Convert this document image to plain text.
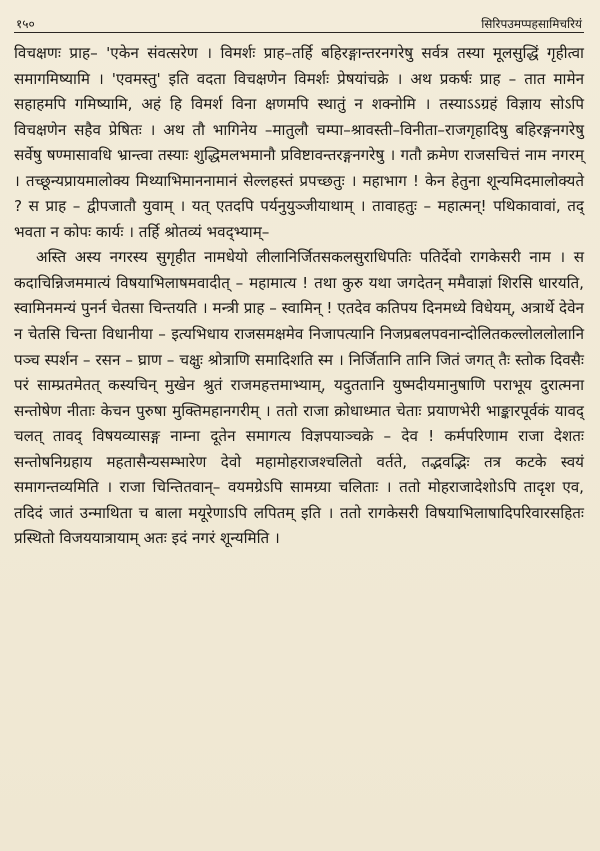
१५०	सिरिपउमप्पहसामिचरियं

विचक्षणः प्राह– 'एकेन संवत्सरेण । विमर्शः प्राह–तर्हि बहिरङ्गान्तरनगरेषु सर्वत्र तस्या मूलसुद्धिं गृहीत्वा समागमिष्यामि । 'एवमस्तु' इति वदता विचक्षणेन विमर्शः प्रेषयांचक्रे । अथ प्रकर्षः प्राह – तात मामेन सहाहमपि गमिष्यामि, अहं हि विमर्श विना क्षणमपि स्थातुं न शक्नोमि । तस्याऽऽग्रहं विज्ञाय सोऽपि विचक्षणेन सहैव प्रेषितः । अथ तौ भागिनेय –मातुलौ चम्पा–श्रावस्ती–विनीता–राजगृहादिषु बहिरङ्गनगरेषु सर्वेषु षण्मासावधि भ्रान्त्वा तस्याः शुद्धिमलभमानौ प्रविष्टावन्तरङ्गनगरेषु । गतौ क्रमेण राजसचित्तं नाम नगरम् । तच्छून्यप्रायमालोक्य मिथ्याभिमाननामानं सेल्लहस्तं प्रपच्छतुः । महाभाग ! केन हेतुना शून्यमिदमालोक्यते ? स प्राह – द्वीपजातौ युवाम् । यत् एतदपि पर्यनुयुञ्जीयाथाम् । तावाहतुः – महात्मन्! पथिकावावां, तद् भवता न कोपः कार्यः । तर्हि श्रोतव्यं भवद्भ्याम्–

अस्ति अस्य नगरस्य सुगृहीत नामधेयो लीलानिर्जितसकलसुराधिपतिः पतिर्देवो रागकेसरी नाम । स कदाचिन्निजममात्यं विषयाभिलाषमवादीत् – महामात्य ! तथा कुरु यथा जगदेतन् ममैवाज्ञां शिरसि धारयति, स्वामिनमन्यं पुनर्न चेतसा चिन्तयति । मन्त्री प्राह – स्वामिन् ! एतदेव कतिपय दिनमध्ये विधेयम्, अत्रार्थे देवेन न चेतसि चिन्ता विधानीया – इत्यभिधाय राजसमक्षमेव निजापत्यानि निजप्रबलपवनान्दोलितकल्लोललोलानि पञ्च स्पर्शन – रसन – घ्राण – चक्षुः श्रोत्राणि समादिशति स्म । निर्जितानि तानि जितं जगत् तैः स्तोक दिवसैः परं साम्प्रतमेतत् कस्यचिन् मुखेन श्रुतं राजमहत्तमाभ्याम्, यदुततानि युष्मदीयमानुषाणि पराभूय दुरात्मना सन्तोषेण नीताः केचन पुरुषा मुक्तिमहानगरीम् । ततो राजा क्रोधाध्मात चेताः प्रयाणभेरी भाङ्कारपूर्वकं यावद् चलत् तावद् विषयव्यासङ्ग नाम्ना दूतेन समागत्य विज्ञपयाञ्चक्रे – देव ! कर्मपरिणाम राजा देशतः सन्तोषनिग्रहाय महतासैन्यसम्भारेण देवो महामोहराजश्चलितो वर्तते, तद्भवद्भिः तत्र कटके स्वयं समागन्तव्यमिति । राजा चिन्तितवान्– वयमग्रेऽपि सामग्र्या चलिताः । ततो मोहराजादेशोऽपि तादृश एव, तदिदं जातं उन्माथिता च बाला मयूरेणाऽपि लपितम् इति । ततो रागकेसरी विषयाभिलाषादिपरिवारसहितः प्रस्थितो विजययात्रायाम् अतः इदं नगरं शून्यमिति ।
